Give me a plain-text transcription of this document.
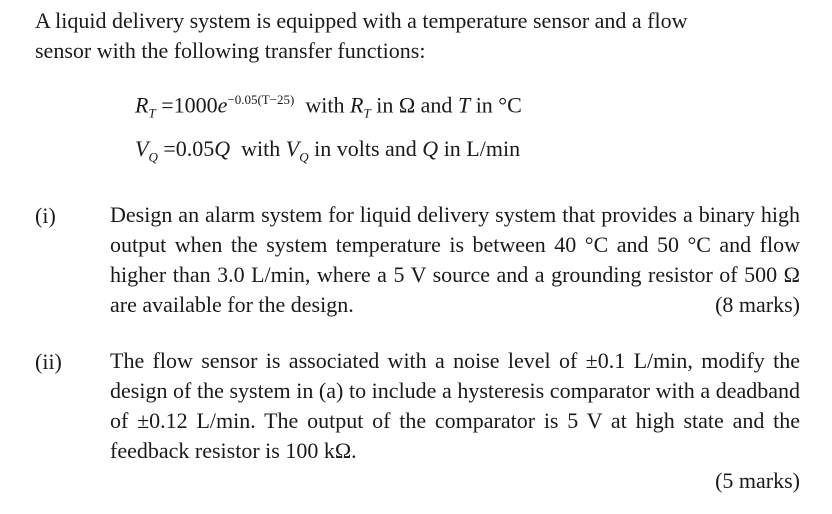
A liquid delivery system is equipped with a temperature sensor and a flow
sensor with the following transfer functions:
$R_T =1000e^{-0.05(T-25)}$ with $R_T$ in Ω and T in °C
$V_Q =0.05Q$ with $V_Q$ in volts and Q in L/min
(i) Design an alarm system for liquid delivery system that provides a binary high output when the system temperature is between 40 °C and 50 °C and flow higher than 3.0 L/min, where a 5 V source and a grounding resistor of 500 Ω are available for the design.	(8 marks)
(ii) The flow sensor is associated with a noise level of ±0.1 L/min, modify the design of the system in (a) to include a hysteresis comparator with a deadband of ±0.12 L/min. The output of the comparator is 5 V at high state and the feedback resistor is 100 kΩ.
(5 marks)
